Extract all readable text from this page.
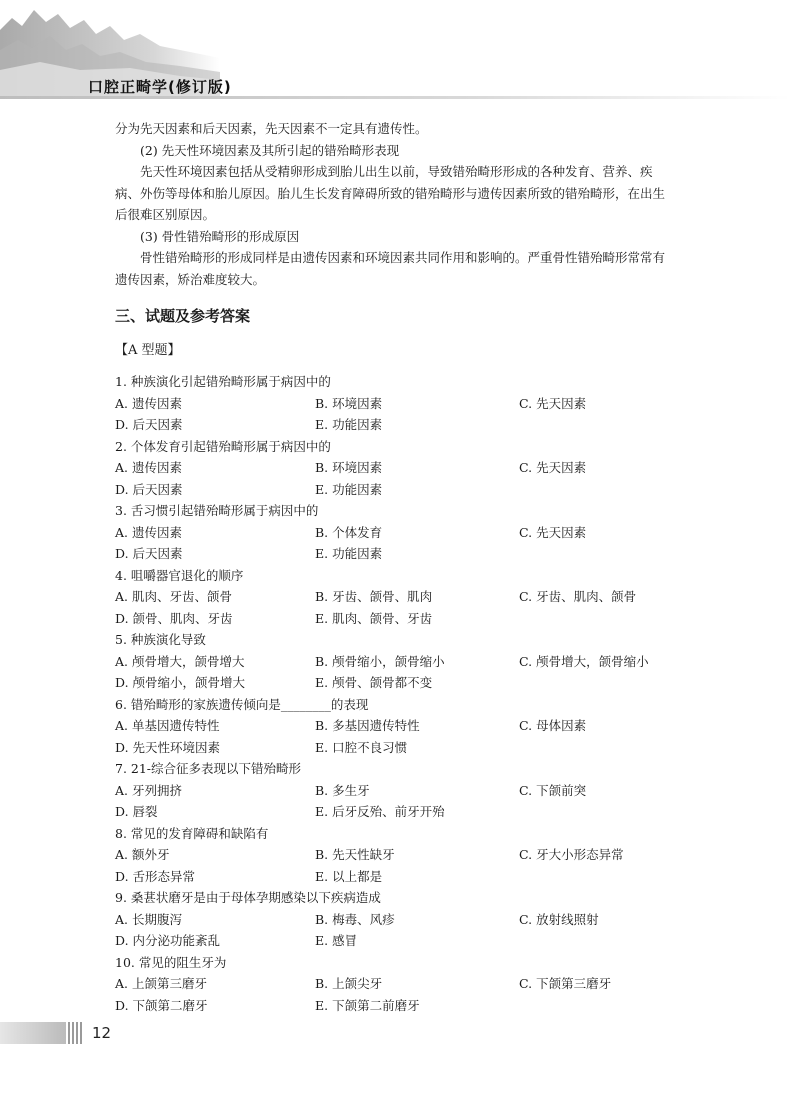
口腔正畸学(修订版)

分为先天因素和后天因素，先天因素不一定具有遗传性。

(2) 先天性环境因素及其所引起的错殆畸形表现

先天性环境因素包括从受精卵形成到胎儿出生以前，导致错殆畸形形成的各种发育、营养、疾病、外伤等母体和胎儿原因。胎儿生长发育障碍所致的错殆畸形与遗传因素所致的错殆畸形，在出生后很难区别原因。

(3) 骨性错殆畸形的形成原因

骨性错殆畸形的形成同样是由遗传因素和环境因素共同作用和影响的。严重骨性错殆畸形常常有遗传因素，矫治难度较大。

三、试题及参考答案
【A 型题】
1. 种族演化引起错殆畸形属于病因中的
A. 遗传因素	B. 环境因素	C. 先天因素
D. 后天因素	E. 功能因素
2. 个体发育引起错殆畸形属于病因中的
A. 遗传因素	B. 环境因素	C. 先天因素
D. 后天因素	E. 功能因素
3. 舌习惯引起错殆畸形属于病因中的
A. 遗传因素	B. 个体发育	C. 先天因素
D. 后天因素	E. 功能因素
4. 咀嚼器官退化的顺序
A. 肌肉、牙齿、颌骨	B. 牙齿、颌骨、肌肉	C. 牙齿、肌肉、颌骨
D. 颌骨、肌肉、牙齿	E. 肌肉、颌骨、牙齿
5. 种族演化导致
A. 颅骨增大，颌骨增大	B. 颅骨缩小，颌骨缩小	C. 颅骨增大，颌骨缩小
D. 颅骨缩小，颌骨增大	E. 颅骨、颌骨都不变
6. 错殆畸形的家族遗传倾向是________的表现
A. 单基因遗传特性	B. 多基因遗传特性	C. 母体因素
D. 先天性环境因素	E. 口腔不良习惯
7. 21-综合征多表现以下错殆畸形
A. 牙列拥挤	B. 多生牙	C. 下颌前突
D. 唇裂	E. 后牙反殆、前牙开殆
8. 常见的发育障碍和缺陷有
A. 额外牙	B. 先天性缺牙	C. 牙大小形态异常
D. 舌形态异常	E. 以上都是
9. 桑葚状磨牙是由于母体孕期感染以下疾病造成
A. 长期腹泻	B. 梅毒、风疹	C. 放射线照射
D. 内分泌功能紊乱	E. 感冒
10. 常见的阻生牙为
A. 上颌第三磨牙	B. 上颌尖牙	C. 下颌第三磨牙
D. 下颌第二磨牙	E. 下颌第二前磨牙
12
